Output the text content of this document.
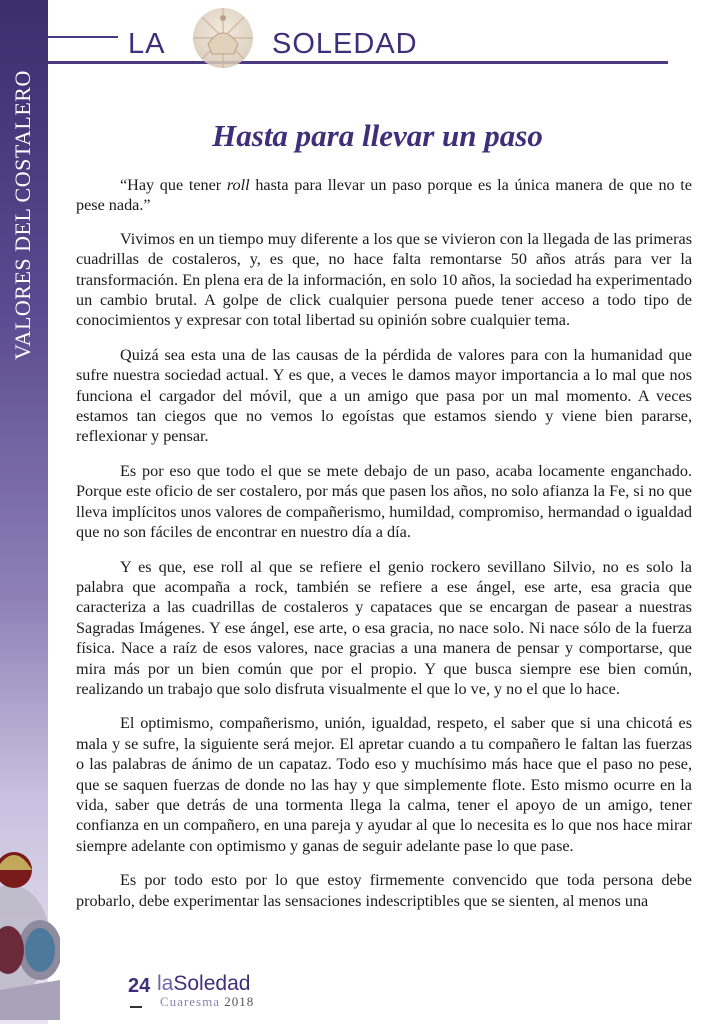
VALORES DEL COSTALERO
LA	SOLEDAD
Hasta para llevar un paso

“Hay que tener roll hasta para llevar un paso porque es la única manera de que no te pese nada.”

Vivimos en un tiempo muy diferente a los que se vivieron con la llegada de las primeras cuadrillas de costaleros, y, es que, no hace falta remontarse 50 años atrás para ver la transformación. En plena era de la información, en solo 10 años, la sociedad ha experimentado un cambio brutal. A golpe de click cualquier persona puede tener acceso a todo tipo de conocimientos y expresar con total libertad su opinión sobre cualquier tema.

Quizá sea esta una de las causas de la pérdida de valores para con la humanidad que sufre nuestra sociedad actual. Y es que, a veces le damos mayor importancia a lo mal que nos funciona el cargador del móvil, que a un amigo que pasa por un mal momento. A veces estamos tan ciegos que no vemos lo egoístas que estamos siendo y viene bien pararse, reflexionar y pensar.

Es por eso que todo el que se mete debajo de un paso, acaba locamente enganchado. Porque este oficio de ser costalero, por más que pasen los años, no solo afianza la Fe, si no que lleva implícitos unos valores de compañerismo, humildad, compromiso, hermandad o igualdad que no son fáciles de encontrar en nuestro día a día.

Y es que, ese roll al que se refiere el genio rockero sevillano Silvio, no es solo la palabra que acompaña a rock, también se refiere a ese ángel, ese arte, esa gracia que caracteriza a las cuadrillas de costaleros y capataces que se encargan de pasear a nuestras Sagradas Imágenes. Y ese ángel, ese arte, o esa gracia, no nace solo. Ni nace sólo de la fuerza física. Nace a raíz de esos valores, nace gracias a una manera de pensar y comportarse, que mira más por un bien común que por el propio. Y que busca siempre ese bien común, realizando un trabajo que solo disfruta visualmente el que lo ve, y no el que lo hace.

El optimismo, compañerismo, unión, igualdad, respeto, el saber que si una chicotá es mala y se sufre, la siguiente será mejor. El apretar cuando a tu compañero le faltan las fuerzas o las palabras de ánimo de un capataz. Todo eso y muchísimo más hace que el paso no pese, que se saquen fuerzas de donde no las hay y que simplemente flote. Esto mismo ocurre en la vida, saber que detrás de una tormenta llega la calma, tener el apoyo de un amigo, tener confianza en un compañero, en una pareja y ayudar al que lo necesita es lo que nos hace mirar siempre adelante con optimismo y ganas de seguir adelante pase lo que pase.

Es por todo esto por lo que estoy firmemente convencido que toda persona debe probarlo, debe experimentar las sensaciones indescriptibles que se sienten, al menos una

24 laSoledad
Cuaresma 2018
